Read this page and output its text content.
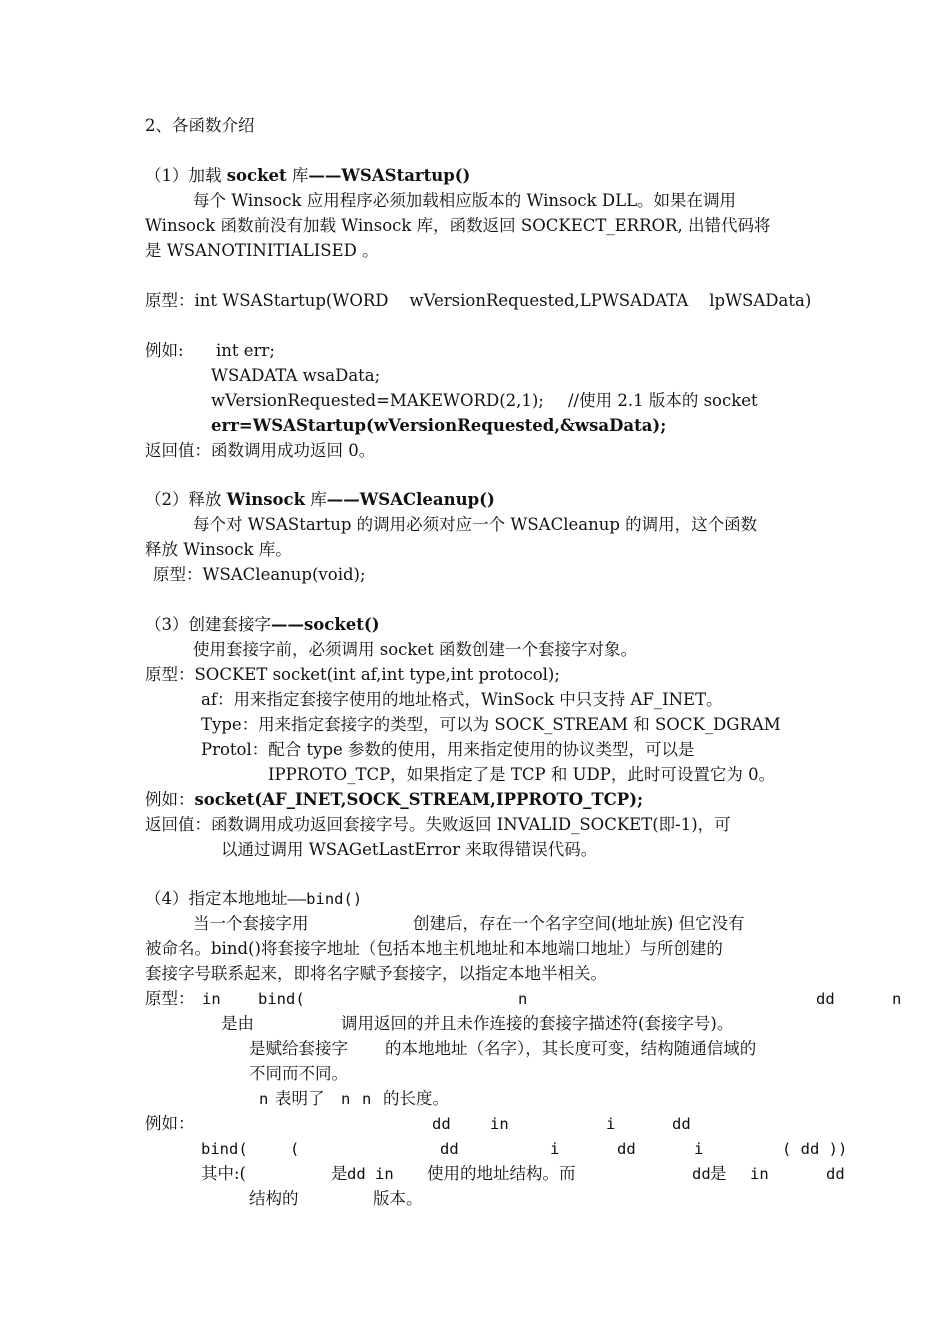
2、各函数介绍
（1）加载 socket 库——WSAStartup()
每个 Winsock 应用程序必须加载相应版本的 Winsock DLL。如果在调用
Winsock 函数前没有加载 Winsock 库，函数返回 SOCKECT_ERROR, 出错代码将
是 WSANOTINITIALISED 。
原型：int WSAStartup(WORD    wVersionRequested,LPWSADATA    lpWSAData)
例如: int err;
WSADATA wsaData;
wVersionRequested=MAKEWORD(2,1); //使用 2.1 版本的 socket
err=WSAStartup(wVersionRequested,&wsaData);
返回值：函数调用成功返回 0。
（2）释放 Winsock 库——WSACleanup()
每个对 WSAStartup 的调用必须对应一个 WSACleanup 的调用，这个函数
释放 Winsock 库。
原型：WSACleanup(void);
（3）创建套接字——socket()
使用套接字前，必须调用 socket 函数创建一个套接字对象。
原型：SOCKET socket(int af,int type,int protocol);
af：用来指定套接字使用的地址格式，WinSock 中只支持 AF_INET。
Type：用来指定套接字的类型，可以为 SOCK_STREAM 和 SOCK_DGRAM
Protol：配合 type 参数的使用，用来指定使用的协议类型，可以是
IPPROTO_TCP，如果指定了是 TCP 和 UDP，此时可设置它为 0。
例如：socket(AF_INET,SOCK_STREAM,IPPROTO_TCP);
返回值：函数调用成功返回套接字号。失败返回 INVALID_SOCKET(即-1)，可
以通过调用 WSAGetLastError 来取得错误代码。
（4）指定本地地址——bind()
当一个套接字用	创建后，存在一个名字空间(地址族) 但它没有
被命名。bind()将套接字地址（包括本地主机地址和本地端口地址）与所创建的
套接字号联系起来，即将名字赋予套接字，以指定本地半相关。
原型： in bind(	n	dd	n
是由	调用返回的并且未作连接的套接字描述符(套接字号)。
是赋给套接字 的本地地址（名字），其长度可变，结构随通信域的
不同而不同。
n 表明了 n n 的长度。
例如：	dd	in	i	dd
bind(	(	dd	i	dd	i	( dd ))
其中:(	是 dd in 使用的地址结构。而	dd 是 in	dd
结构的	版本。
